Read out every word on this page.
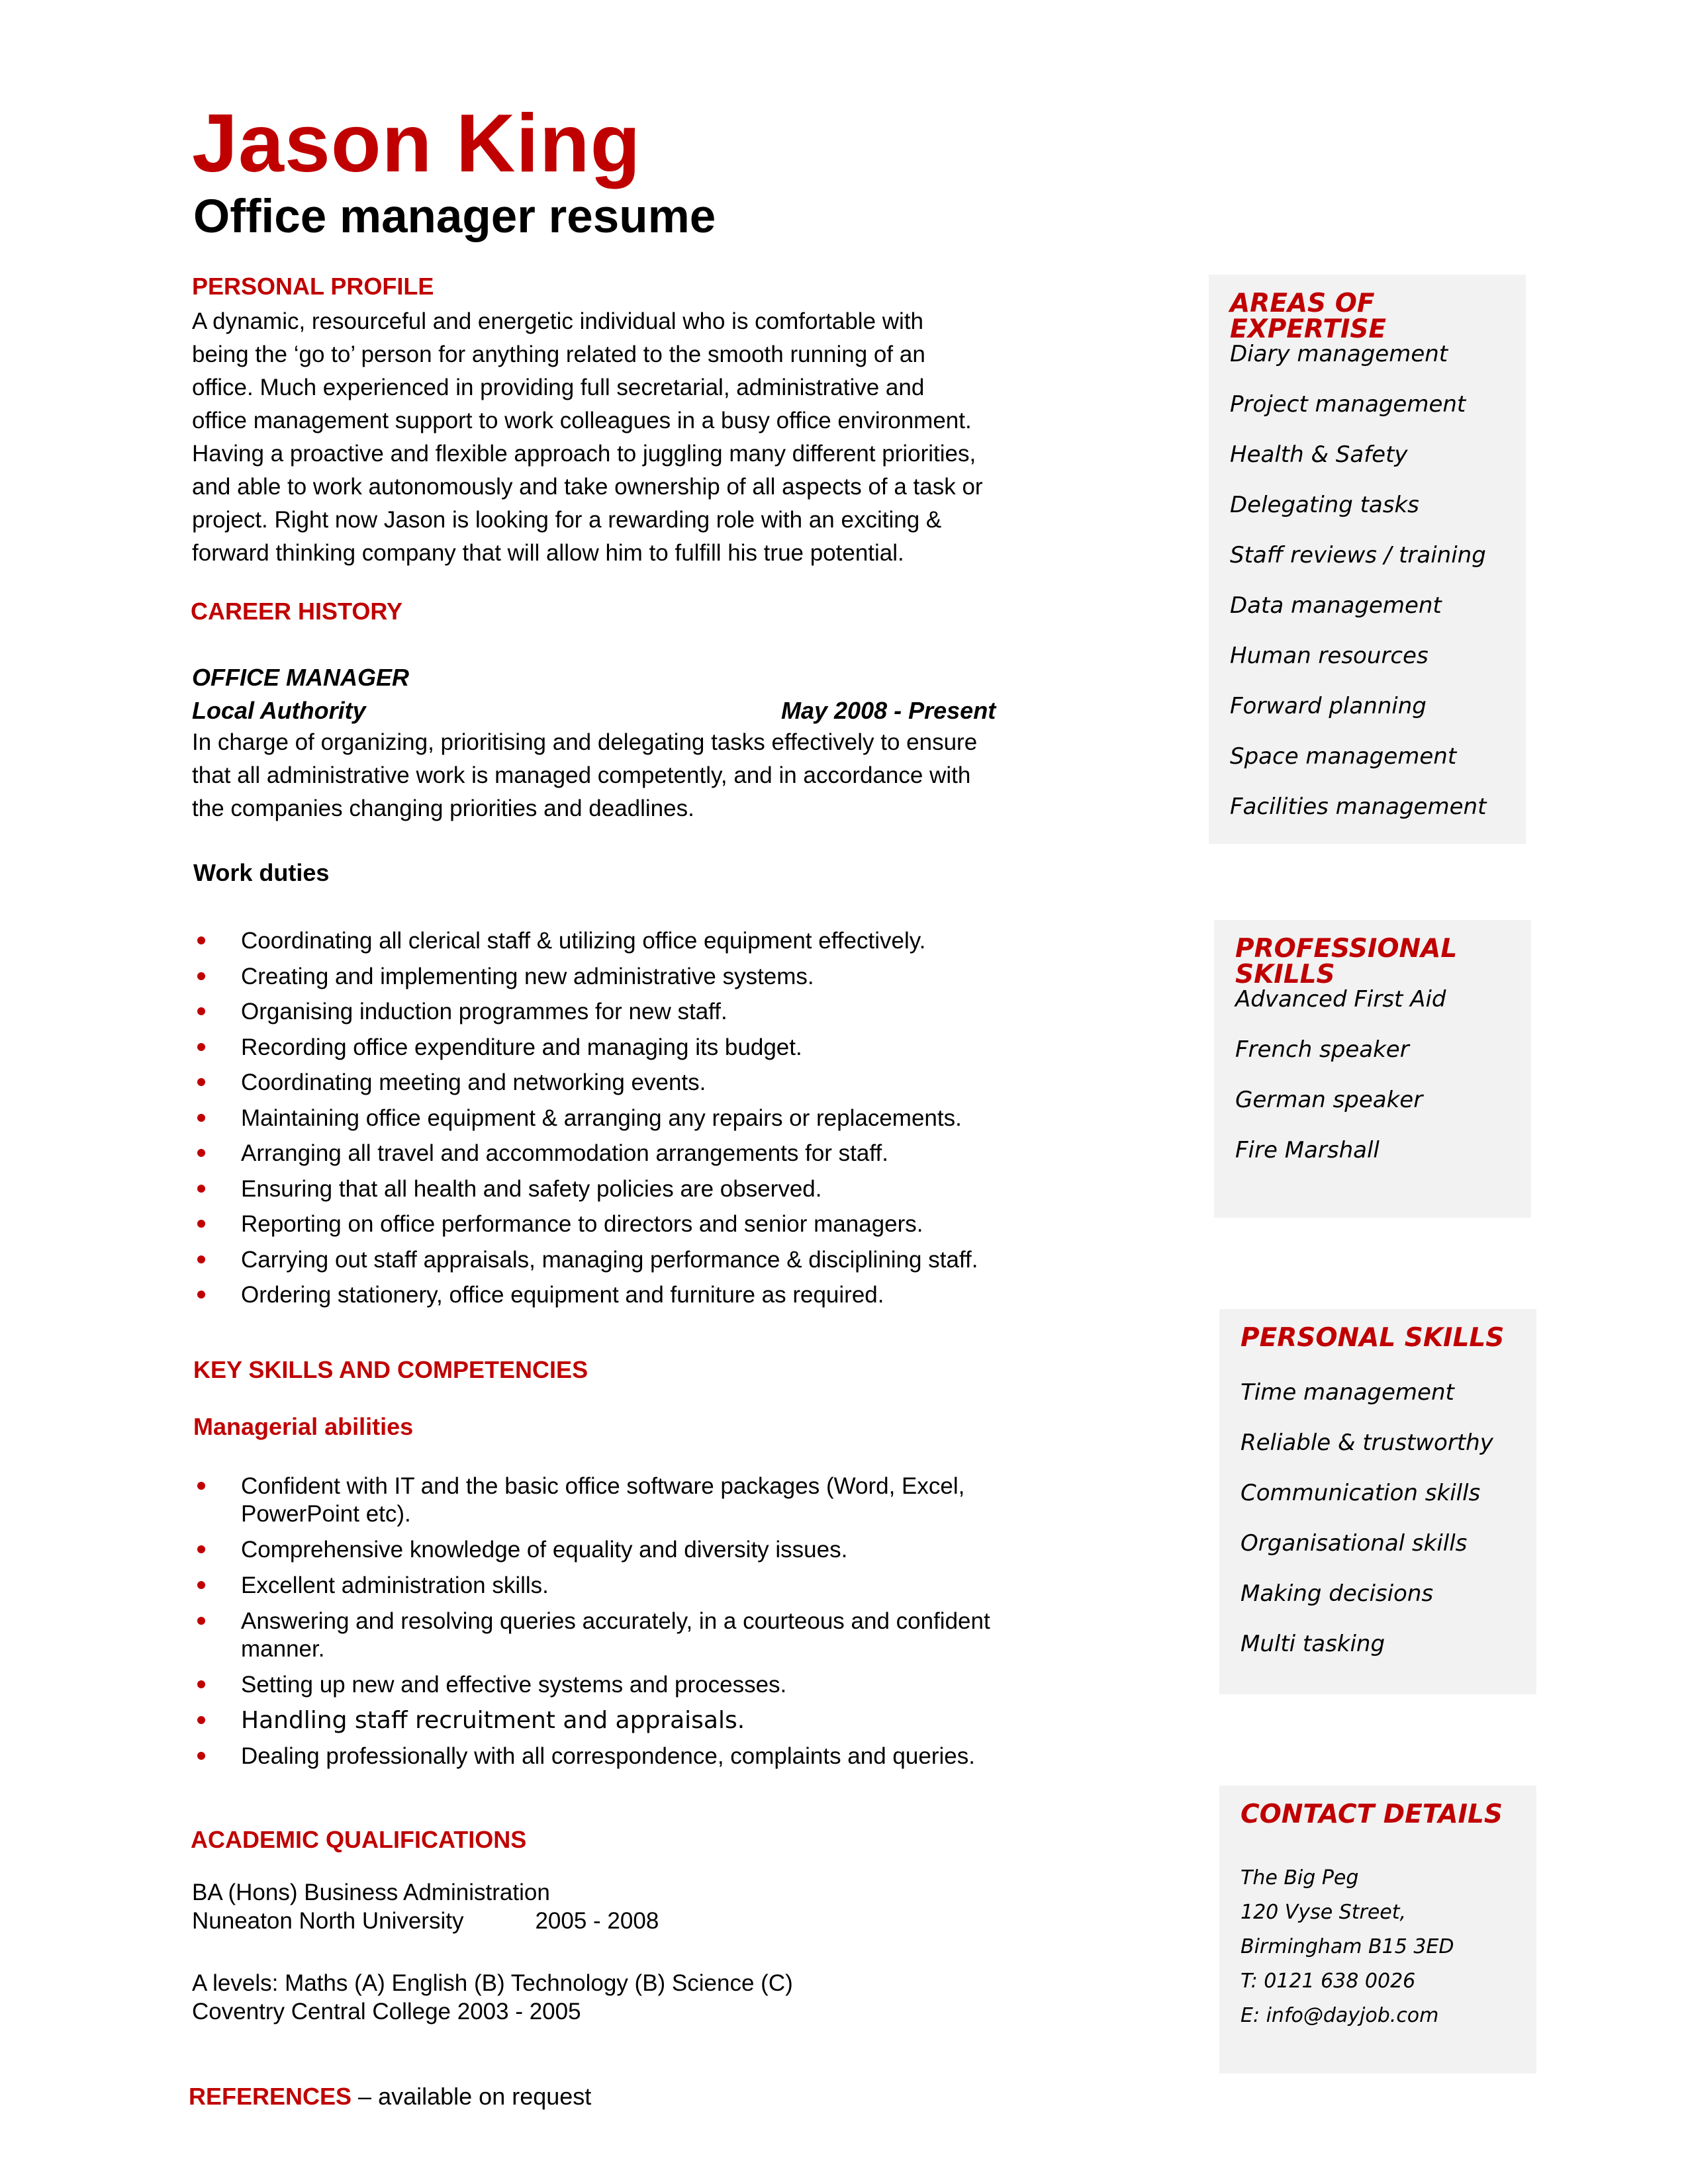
Jason King
Office manager resume
PERSONAL PROFILE
A dynamic, resourceful and energetic individual who is comfortable with
being the ‘go to’ person for anything related to the smooth running of an
office. Much experienced in providing full secretarial, administrative and
office management support to work colleagues in a busy office environment.
Having a proactive and flexible approach to juggling many different priorities,
and able to work autonomously and take ownership of all aspects of a task or
project. Right now Jason is looking for a rewarding role with an exciting &
forward thinking company that will allow him to fulfill his true potential.
CAREER HISTORY
OFFICE MANAGER
Local Authority	May 2008 - Present
In charge of organizing, prioritising and delegating tasks effectively to ensure
that all administrative work is managed competently, and in accordance with
the companies changing priorities and deadlines.
Work duties
Coordinating all clerical staff & utilizing office equipment effectively.
Creating and implementing new administrative systems.
Organising induction programmes for new staff.
Recording office expenditure and managing its budget.
Coordinating meeting and networking events.
Maintaining office equipment & arranging any repairs or replacements.
Arranging all travel and accommodation arrangements for staff.
Ensuring that all health and safety policies are observed.
Reporting on office performance to directors and senior managers.
Carrying out staff appraisals, managing performance & disciplining staff.
Ordering stationery, office equipment and furniture as required.
KEY SKILLS AND COMPETENCIES
Managerial abilities
Confident with IT and the basic office software packages (Word, Excel, PowerPoint etc).
Comprehensive knowledge of equality and diversity issues.
Excellent administration skills.
Answering and resolving queries accurately, in a courteous and confident manner.
Setting up new and effective systems and processes.
Handling staff recruitment and appraisals.
Dealing professionally with all correspondence, complaints and queries.
ACADEMIC QUALIFICATIONS
BA (Hons) Business Administration
Nuneaton North University	2005 - 2008
A levels: Maths (A) English (B) Technology (B) Science (C)
Coventry Central College 2003 - 2005
REFERENCES – available on request
AREAS OF EXPERTISE
Diary management
Project management
Health & Safety
Delegating tasks
Staff reviews / training
Data management
Human resources
Forward planning
Space management
Facilities management
PROFESSIONAL SKILLS
Advanced First Aid
French speaker
German speaker
Fire Marshall
PERSONAL SKILLS
Time management
Reliable & trustworthy
Communication skills
Organisational skills
Making decisions
Multi tasking
CONTACT DETAILS
The Big Peg
120 Vyse Street,
Birmingham B15 3ED
T: 0121 638 0026
E: info@dayjob.com
